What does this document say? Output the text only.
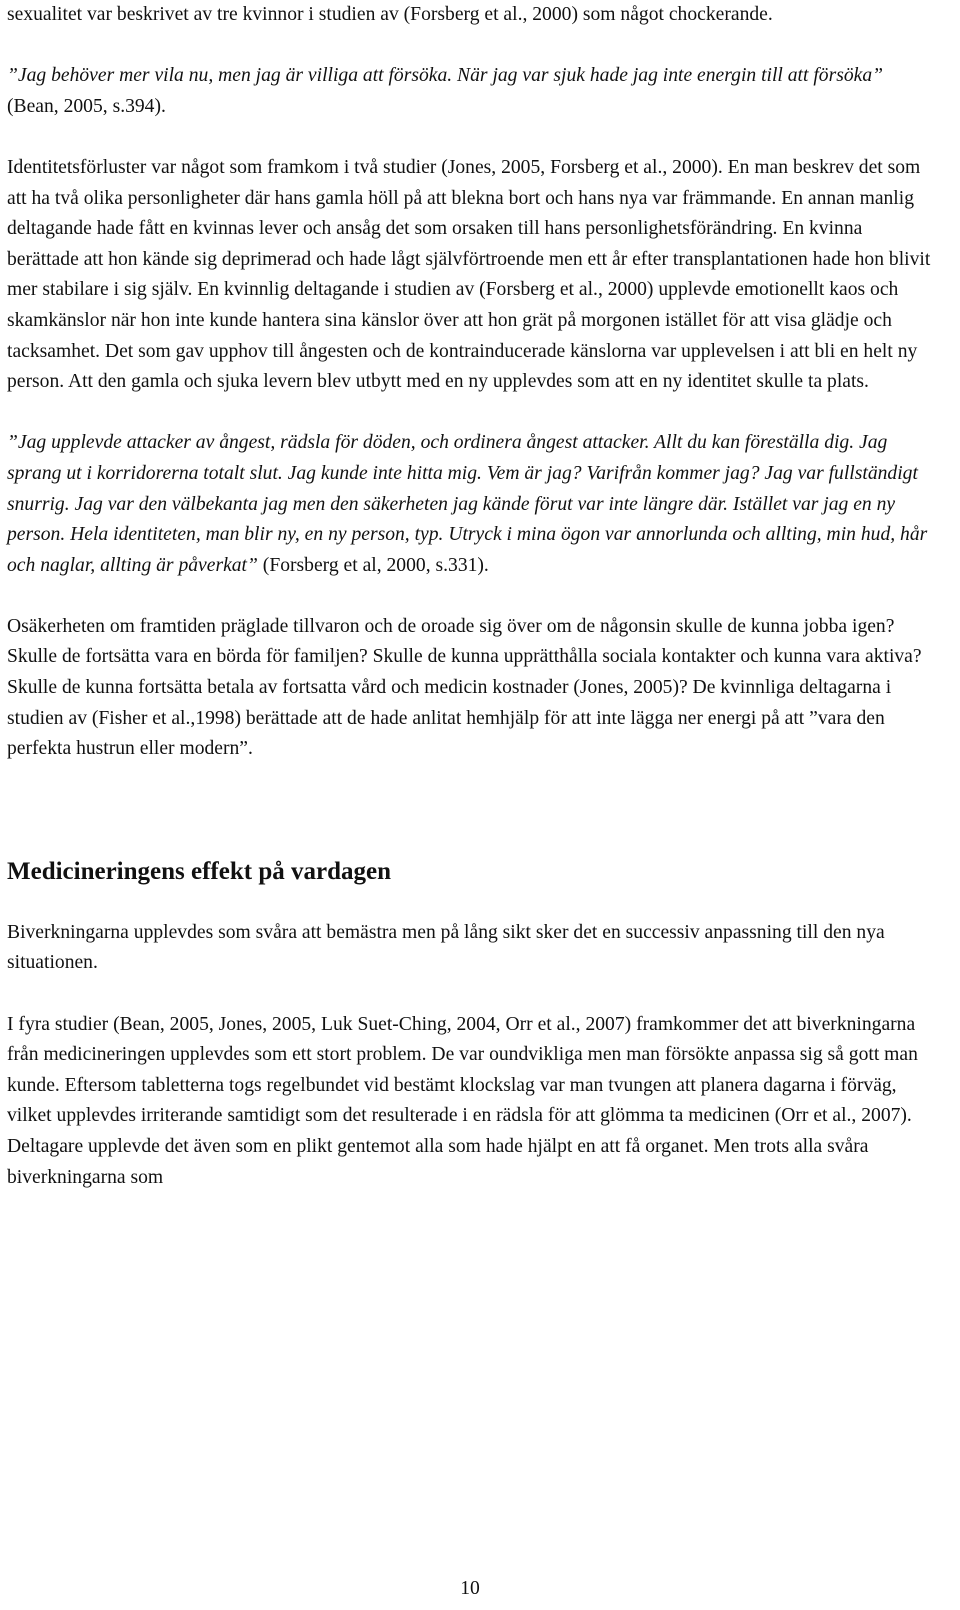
sexualitet var beskrivet av tre kvinnor i studien av (Forsberg et al., 2000) som något chockerande.

”Jag behöver mer vila nu, men jag är villiga att försöka. När jag var sjuk hade jag inte energin till att försöka” (Bean, 2005, s.394).

Identitetsförluster var något som framkom i två studier (Jones, 2005, Forsberg et al., 2000). En man beskrev det som att ha två olika personligheter där hans gamla höll på att blekna bort och hans nya var främmande. En annan manlig deltagande hade fått en kvinnas lever och ansåg det som orsaken till hans personlighetsförändring. En kvinna berättade att hon kände sig deprimerad och hade lågt självförtroende men ett år efter transplantationen hade hon blivit mer stabilare i sig själv. En kvinnlig deltagande i studien av (Forsberg et al., 2000) upplevde emotionellt kaos och skamkänslor när hon inte kunde hantera sina känslor över att hon grät på morgonen istället för att visa glädje och tacksamhet. Det som gav upphov till ångesten och de kontrainducerade känslorna var upplevelsen i att bli en helt ny person. Att den gamla och sjuka levern blev utbytt med en ny upplevdes som att en ny identitet skulle ta plats.

”Jag upplevde attacker av ångest, rädsla för döden, och ordinera ångest attacker. Allt du kan föreställa dig. Jag sprang ut i korridorerna totalt slut. Jag kunde inte hitta mig. Vem är jag? Varifrån kommer jag? Jag var fullständigt snurrig. Jag var den välbekanta jag men den säkerheten jag kände förut var inte längre där. Istället var jag en ny person. Hela identiteten, man blir ny, en ny person, typ. Utryck i mina ögon var annorlunda och allting, min hud, hår och naglar, allting är påverkat” (Forsberg et al, 2000, s.331).

Osäkerheten om framtiden präglade tillvaron och de oroade sig över om de någonsin skulle de kunna jobba igen? Skulle de fortsätta vara en börda för familjen? Skulle de kunna upprätthålla sociala kontakter och kunna vara aktiva? Skulle de kunna fortsätta betala av fortsatta vård och medicin kostnader (Jones, 2005)? De kvinnliga deltagarna i studien av (Fisher et al.,1998) berättade att de hade anlitat hemhjälp för att inte lägga ner energi på att ”vara den perfekta hustrun eller modern”.

Medicineringens effekt på vardagen

Biverkningarna upplevdes som svåra att bemästra men på lång sikt sker det en successiv anpassning till den nya situationen.

I fyra studier (Bean, 2005, Jones, 2005, Luk Suet-Ching, 2004, Orr et al., 2007) framkommer det att biverkningarna från medicineringen upplevdes som ett stort problem. De var oundvikliga men man försökte anpassa sig så gott man kunde. Eftersom tabletterna togs regelbundet vid bestämt klockslag var man tvungen att planera dagarna i förväg, vilket upplevdes irriterande samtidigt som det resulterade i en rädsla för att glömma ta medicinen (Orr et al., 2007). Deltagare upplevde det även som en plikt gentemot alla som hade hjälpt en att få organet. Men trots alla svåra biverkningarna som

10
